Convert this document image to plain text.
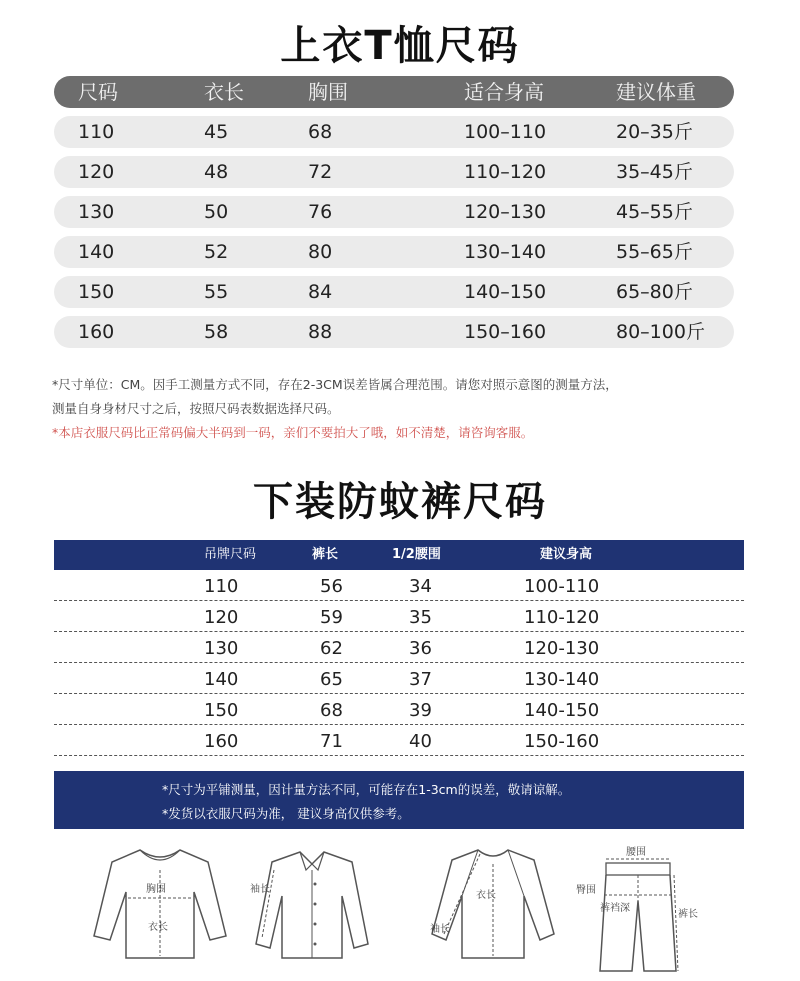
上衣T恤尺码
尺码	衣长	胸围	适合身高	建议体重
110	45	68	100–110	20–35斤
120	48	72	110–120	35–45斤
130	50	76	120–130	45–55斤
140	52	80	130–140	55–65斤
150	55	84	140–150	65–80斤
160	58	88	150–160	80–100斤
*尺寸单位：CM。因手工测量方式不同，存在2-3CM误差皆属合理范围。请您对照示意图的测量方法，
测量自身身材尺寸之后，按照尺码表数据选择尺码。
*本店衣服尺码比正常码偏大半码到一码，亲们不要拍大了哦，如不清楚，请咨询客服。
下装防蚊裤尺码
吊牌尺码	裤长	1/2腰围	建议身高
110	56	34	100-110
120	59	35	110-120
130	62	36	120-130
140	65	37	130-140
150	68	39	140-150
160	71	40	150-160
*尺寸为平铺测量，因计量方法不同，可能存在1-3cm的误差，敬请谅解。
*发货以衣服尺码为准， 建议身高仅供参考。
胸围
衣长
袖长
衣长
袖长
腰围
臀围
裤裆深
裤长
